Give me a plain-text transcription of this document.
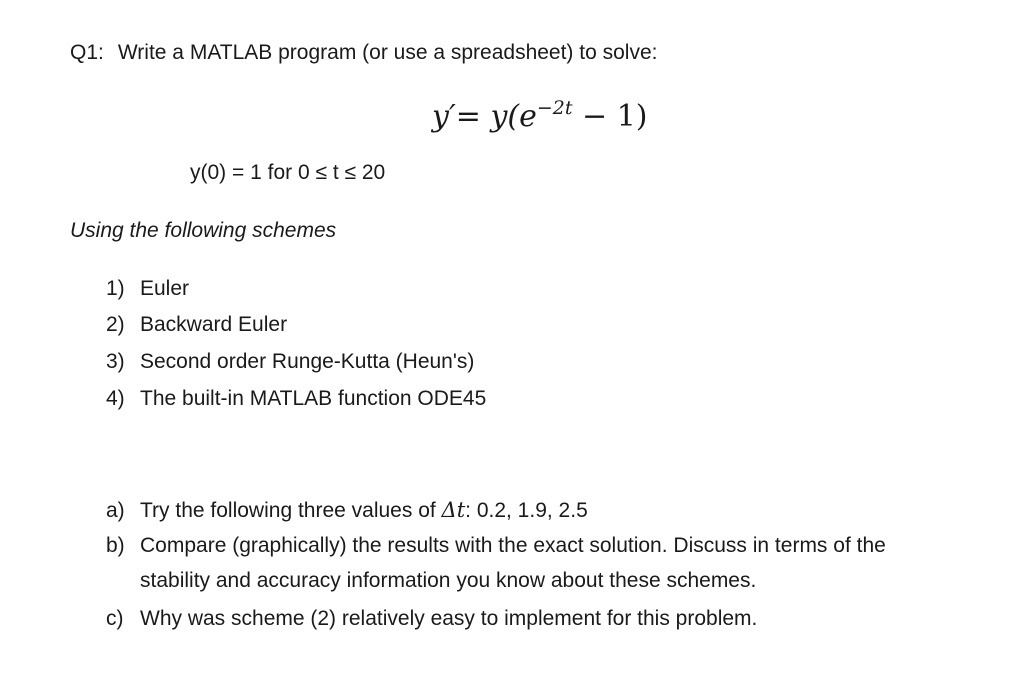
Q1: Write a MATLAB program (or use a spreadsheet) to solve:
$y'= y(e^{-2t} - 1)$
y(0) = 1 for 0 ≤ t ≤ 20
Using the following schemes
1) Euler
2) Backward Euler
3) Second order Runge-Kutta (Heun's)
4) The built-in MATLAB function ODE45
a) Try the following three values of Δt: 0.2, 1.9, 2.5
b) Compare (graphically) the results with the exact solution. Discuss in terms of the
stability and accuracy information you know about these schemes.
c) Why was scheme (2) relatively easy to implement for this problem.
